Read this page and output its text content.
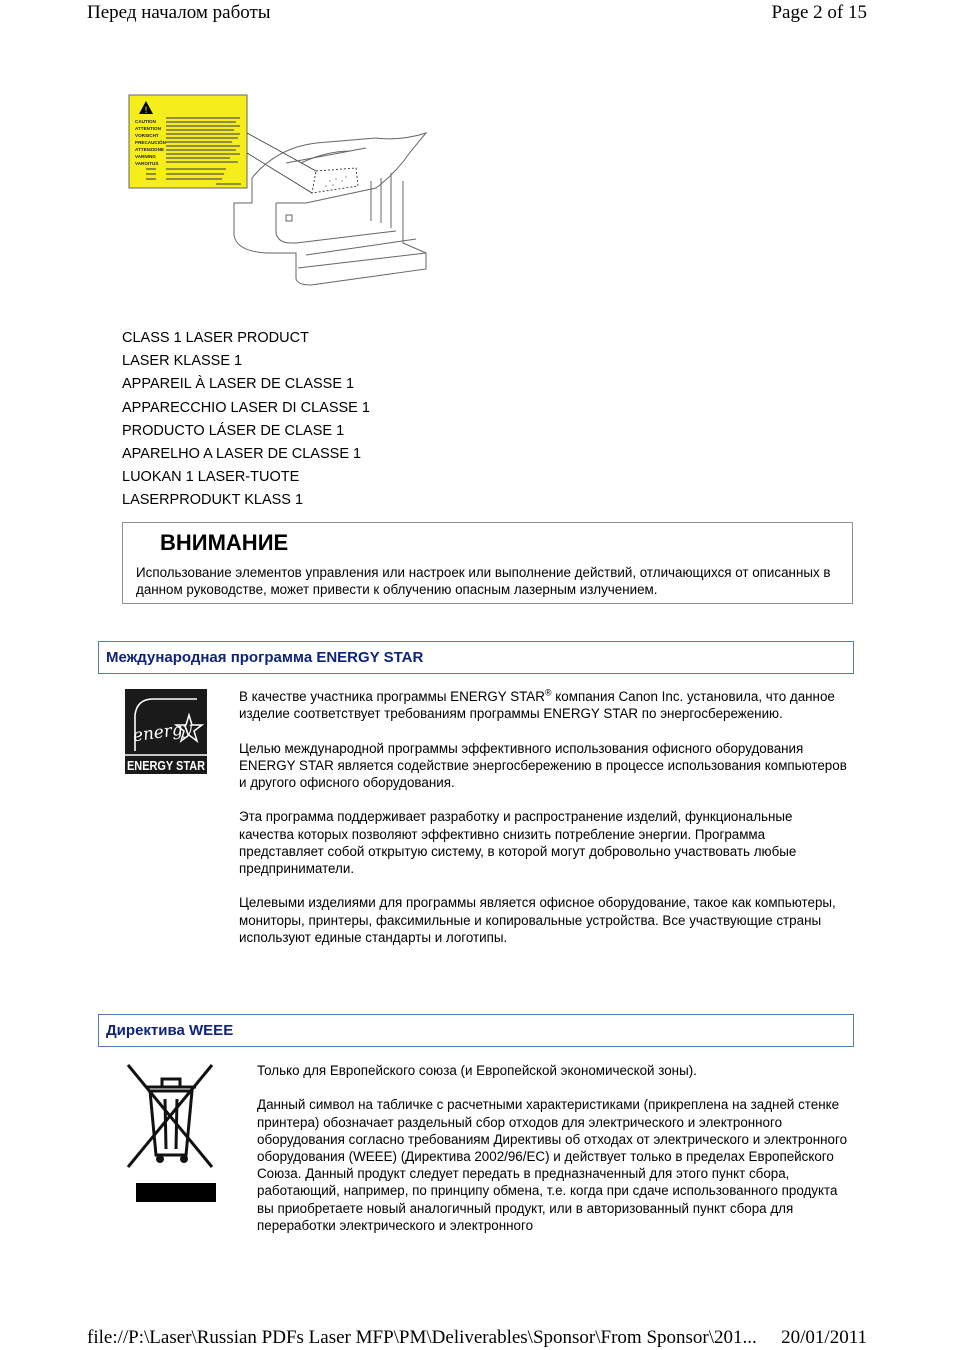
Перед началом работы	Page 2 of 15
!
CAUTION
ATTENTION
VORSICHT
PRECAUCIÓN
ATTENZIONE
VARNING
VAROITUS
CLASS 1 LASER PRODUCT
LASER KLASSE 1
APPAREIL À LASER DE CLASSE 1
APPARECCHIO LASER DI CLASSE 1
PRODUCTO LÁSER DE CLASE 1
APARELHO A LASER DE CLASSE 1
LUOKAN 1 LASER-TUOTE
LASERPRODUKT KLASS 1
ВНИМАНИЕ
Использование элементов управления или настроек или выполнение действий, отличающихся от описанных в данном руководстве, может привести к облучению опасным лазерным излучением.
Международная программа ENERGY STAR
energy
ENERGY STAR

В качестве участника программы ENERGY STAR® компания Canon Inc. установила, что данное изделие соответствует требованиям программы ENERGY STAR по энергосбережению.

Целью международной программы эффективного использования офисного оборудования ENERGY STAR является содействие энергосбережению в процессе использования компьютеров и другого офисного оборудования.

Эта программа поддерживает разработку и распространение изделий, функциональные качества которых позволяют эффективно снизить потребление энергии. Программа представляет собой открытую систему, в которой могут добровольно участвовать любые предприниматели.

Целевыми изделиями для программы является офисное оборудование, такое как компьютеры, мониторы, принтеры, факсимильные и копировальные устройства. Все участвующие страны используют единые стандарты и логотипы.

Директива WEEE

Только для Европейского союза (и Европейской экономической зоны).

Данный символ на табличке с расчетными характеристиками (прикреплена на задней стенке принтера) обозначает раздельный сбор отходов для электрического и электронного оборудования согласно требованиям Директивы об отходах от электрического и электронного оборудования (WEEE) (Директива 2002/96/EC) и действует только в пределах Европейского Союза. Данный продукт следует передать в предназначенный для этого пункт сбора, работающий, например, по принципу обмена, т.е. когда при сдаче использованного продукта вы приобретаете новый аналогичный продукт, или в авторизованный пункт сбора для переработки электрического и электронного

file://P:\Laser\Russian PDFs Laser MFP\PM\Deliverables\Sponsor\From Sponsor\201... 20/01/2011
